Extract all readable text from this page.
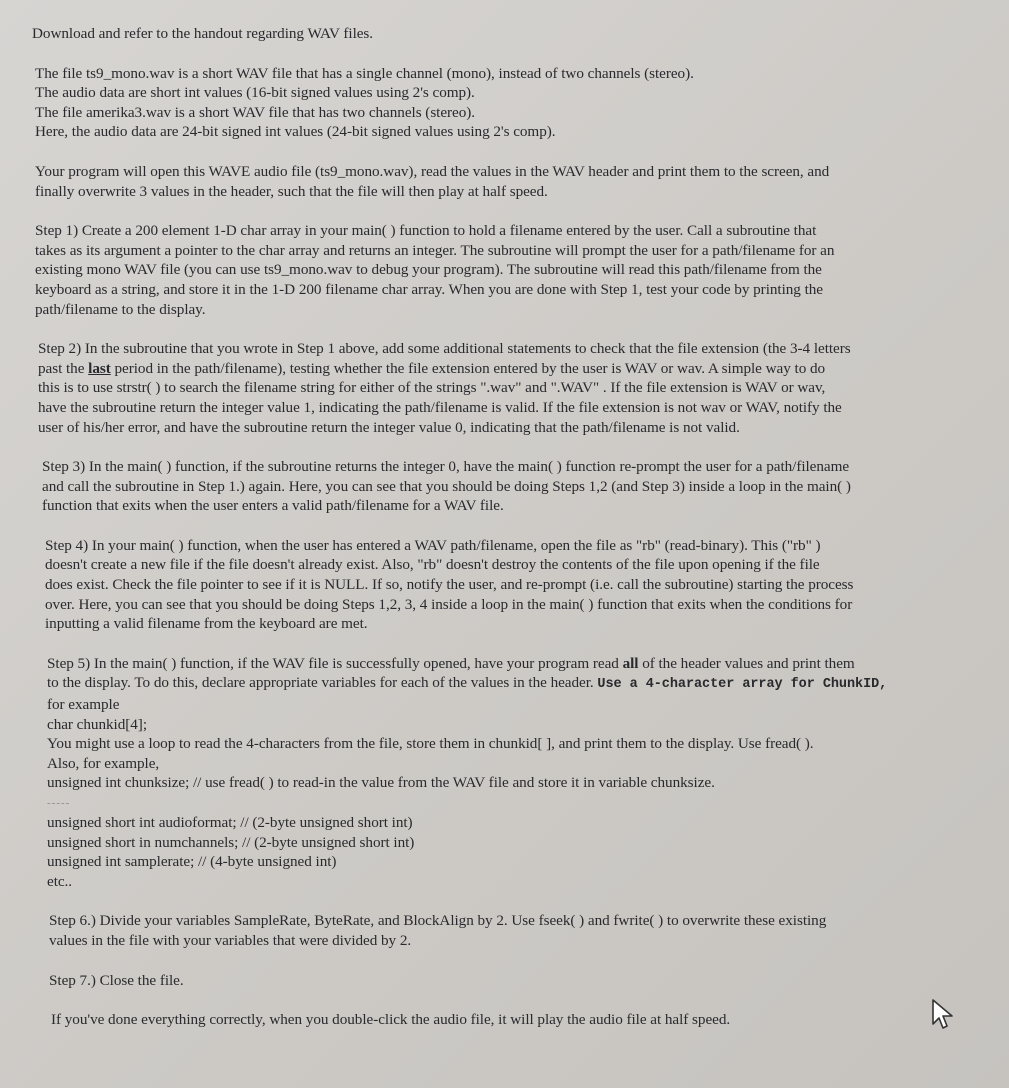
Download and refer to the handout regarding WAV files.

The file ts9_mono.wav is a short WAV file that has a single channel (mono), instead of two channels (stereo).

The audio data are short int values (16-bit signed values using 2's comp).

The file amerika3.wav is a short WAV file that has two channels (stereo).

Here, the audio data are 24-bit signed int values (24-bit signed values using 2's comp).

Your program will open this WAVE audio file (ts9_mono.wav), read the values in the WAV header and print them to the screen, and

finally overwrite 3 values in the header, such that the file will then play at half speed.

Step 1) Create a 200 element 1-D char array in your main( ) function to hold a filename entered by the user. Call a subroutine that

takes as its argument a pointer to the char array and returns an integer. The subroutine will prompt the user for a path/filename for an

existing mono WAV file (you can use ts9_mono.wav to debug your program). The subroutine will read this path/filename from the

keyboard as a string, and store it in the 1-D 200 filename char array. When you are done with Step 1, test your code by printing the

path/filename to the display.

Step 2) In the subroutine that you wrote in Step 1 above, add some additional statements to check that the file extension (the 3-4 letters

past the last period in the path/filename), testing whether the file extension entered by the user is WAV or wav. A simple way to do

this is to use strstr( ) to search the filename string for either of the strings ".wav" and ".WAV" . If the file extension is WAV or wav,

have the subroutine return the integer value 1, indicating the path/filename is valid. If the file extension is not wav or WAV, notify the

user of his/her error, and have the subroutine return the integer value 0, indicating that the path/filename is not valid.

Step 3) In the main( ) function, if the subroutine returns the integer 0, have the main( ) function re-prompt the user for a path/filename

and call the subroutine in Step 1.) again. Here, you can see that you should be doing Steps 1,2 (and Step 3) inside a loop in the main( )

function that exits when the user enters a valid path/filename for a WAV file.

Step 4) In your main( ) function, when the user has entered a WAV path/filename, open the file as "rb" (read-binary). This ("rb" )

doesn't create a new file if the file doesn't already exist. Also, "rb" doesn't destroy the contents of the file upon opening if the file

does exist. Check the file pointer to see if it is NULL. If so, notify the user, and re-prompt (i.e. call the subroutine) starting the process

over. Here, you can see that you should be doing Steps 1,2, 3, 4 inside a loop in the main( ) function that exits when the conditions for

inputting a valid filename from the keyboard are met.

Step 5) In the main( ) function, if the WAV file is successfully opened, have your program read all of the header values and print them

to the display. To do this, declare appropriate variables for each of the values in the header. Use a 4-character array for ChunkID,

for example

char chunkid[4];

You might use a loop to read the 4-characters from the file, store them in chunkid[ ], and print them to the display. Use fread( ).

Also, for example,

unsigned int chunksize; // use fread( ) to read-in the value from the WAV file and store it in variable chunksize.

-----

unsigned short int audioformat; // (2-byte unsigned short int)

unsigned short in numchannels; // (2-byte unsigned short int)

unsigned int samplerate; // (4-byte unsigned int)

etc..

Step 6.) Divide your variables SampleRate, ByteRate, and BlockAlign by 2. Use fseek( ) and fwrite( ) to overwrite these existing

values in the file with your variables that were divided by 2.

Step 7.) Close the file.

If you've done everything correctly, when you double-click the audio file, it will play the audio file at half speed.
